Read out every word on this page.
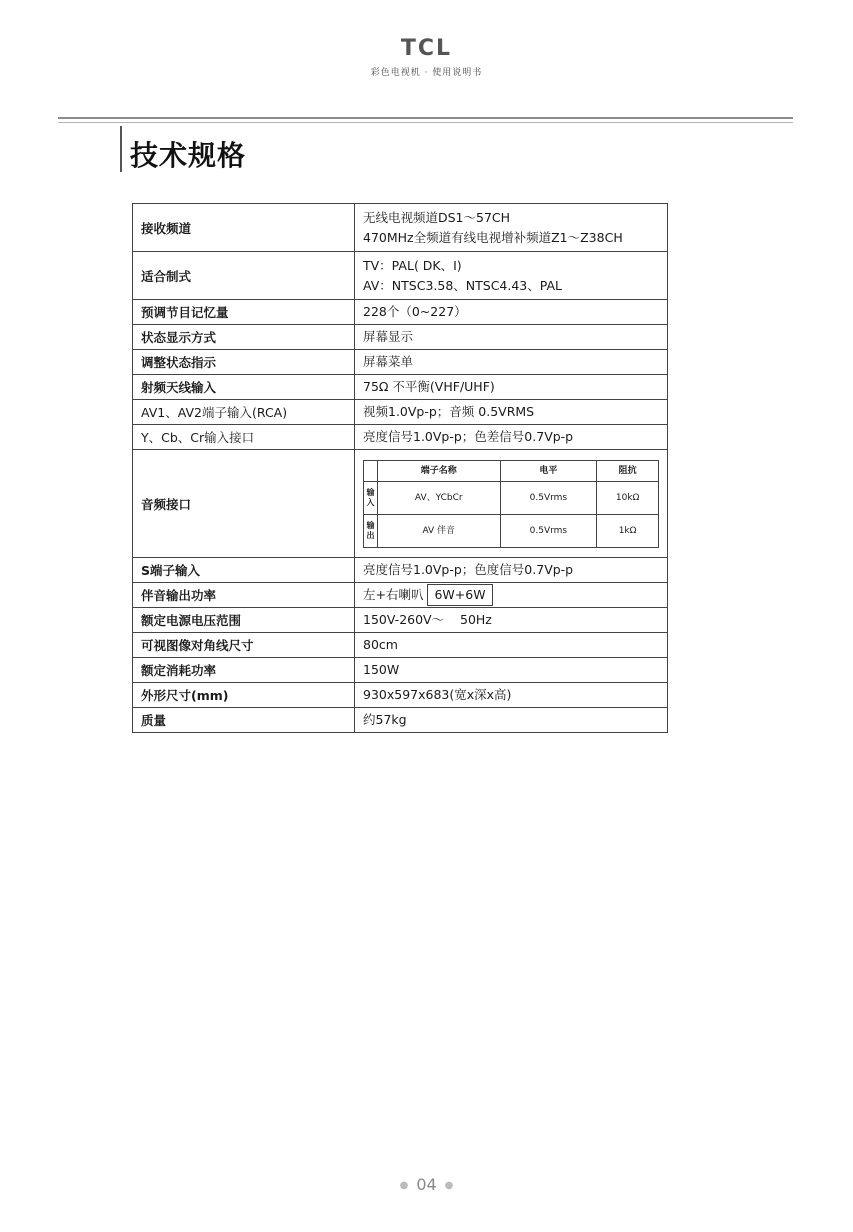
TCL
彩色电视机 · 使用说明书
技术规格
接收频道	
无线电视频道DS1～57CH
470MHz全频道有线电视增补频道Z1～Z38CH

适合制式	
TV：PAL( DK、I)
AV：NTSC3.58、NTSC4.43、PAL

预调节目记忆量	228个（0~227）
状态显示方式	屏幕显示
调整状态指示	屏幕菜单
射频天线输入	75Ω 不平衡(VHF/UHF)
AV1、AV2端子输入(RCA)	视频1.0Vp-p；音频 0.5VRMS
Y、Cb、Cr输入接口	亮度信号1.0Vp-p；色差信号0.7Vp-p
音频接口	
	端子名称	电平	阻抗
输入	AV、YCbCr	0.5Vrms	10kΩ
输出	AV 伴音	0.5Vrms	1kΩ

S端子输入	亮度信号1.0Vp-p；色度信号0.7Vp-p
伴音输出功率	左+右喇叭 6W+6W
额定电源电压范围	150V-260V～    50Hz
可视图像对角线尺寸	80cm
额定消耗功率	150W
外形尺寸(mm)	930x597x683(宽x深x高)
质量	约57kg
● 04 ●
